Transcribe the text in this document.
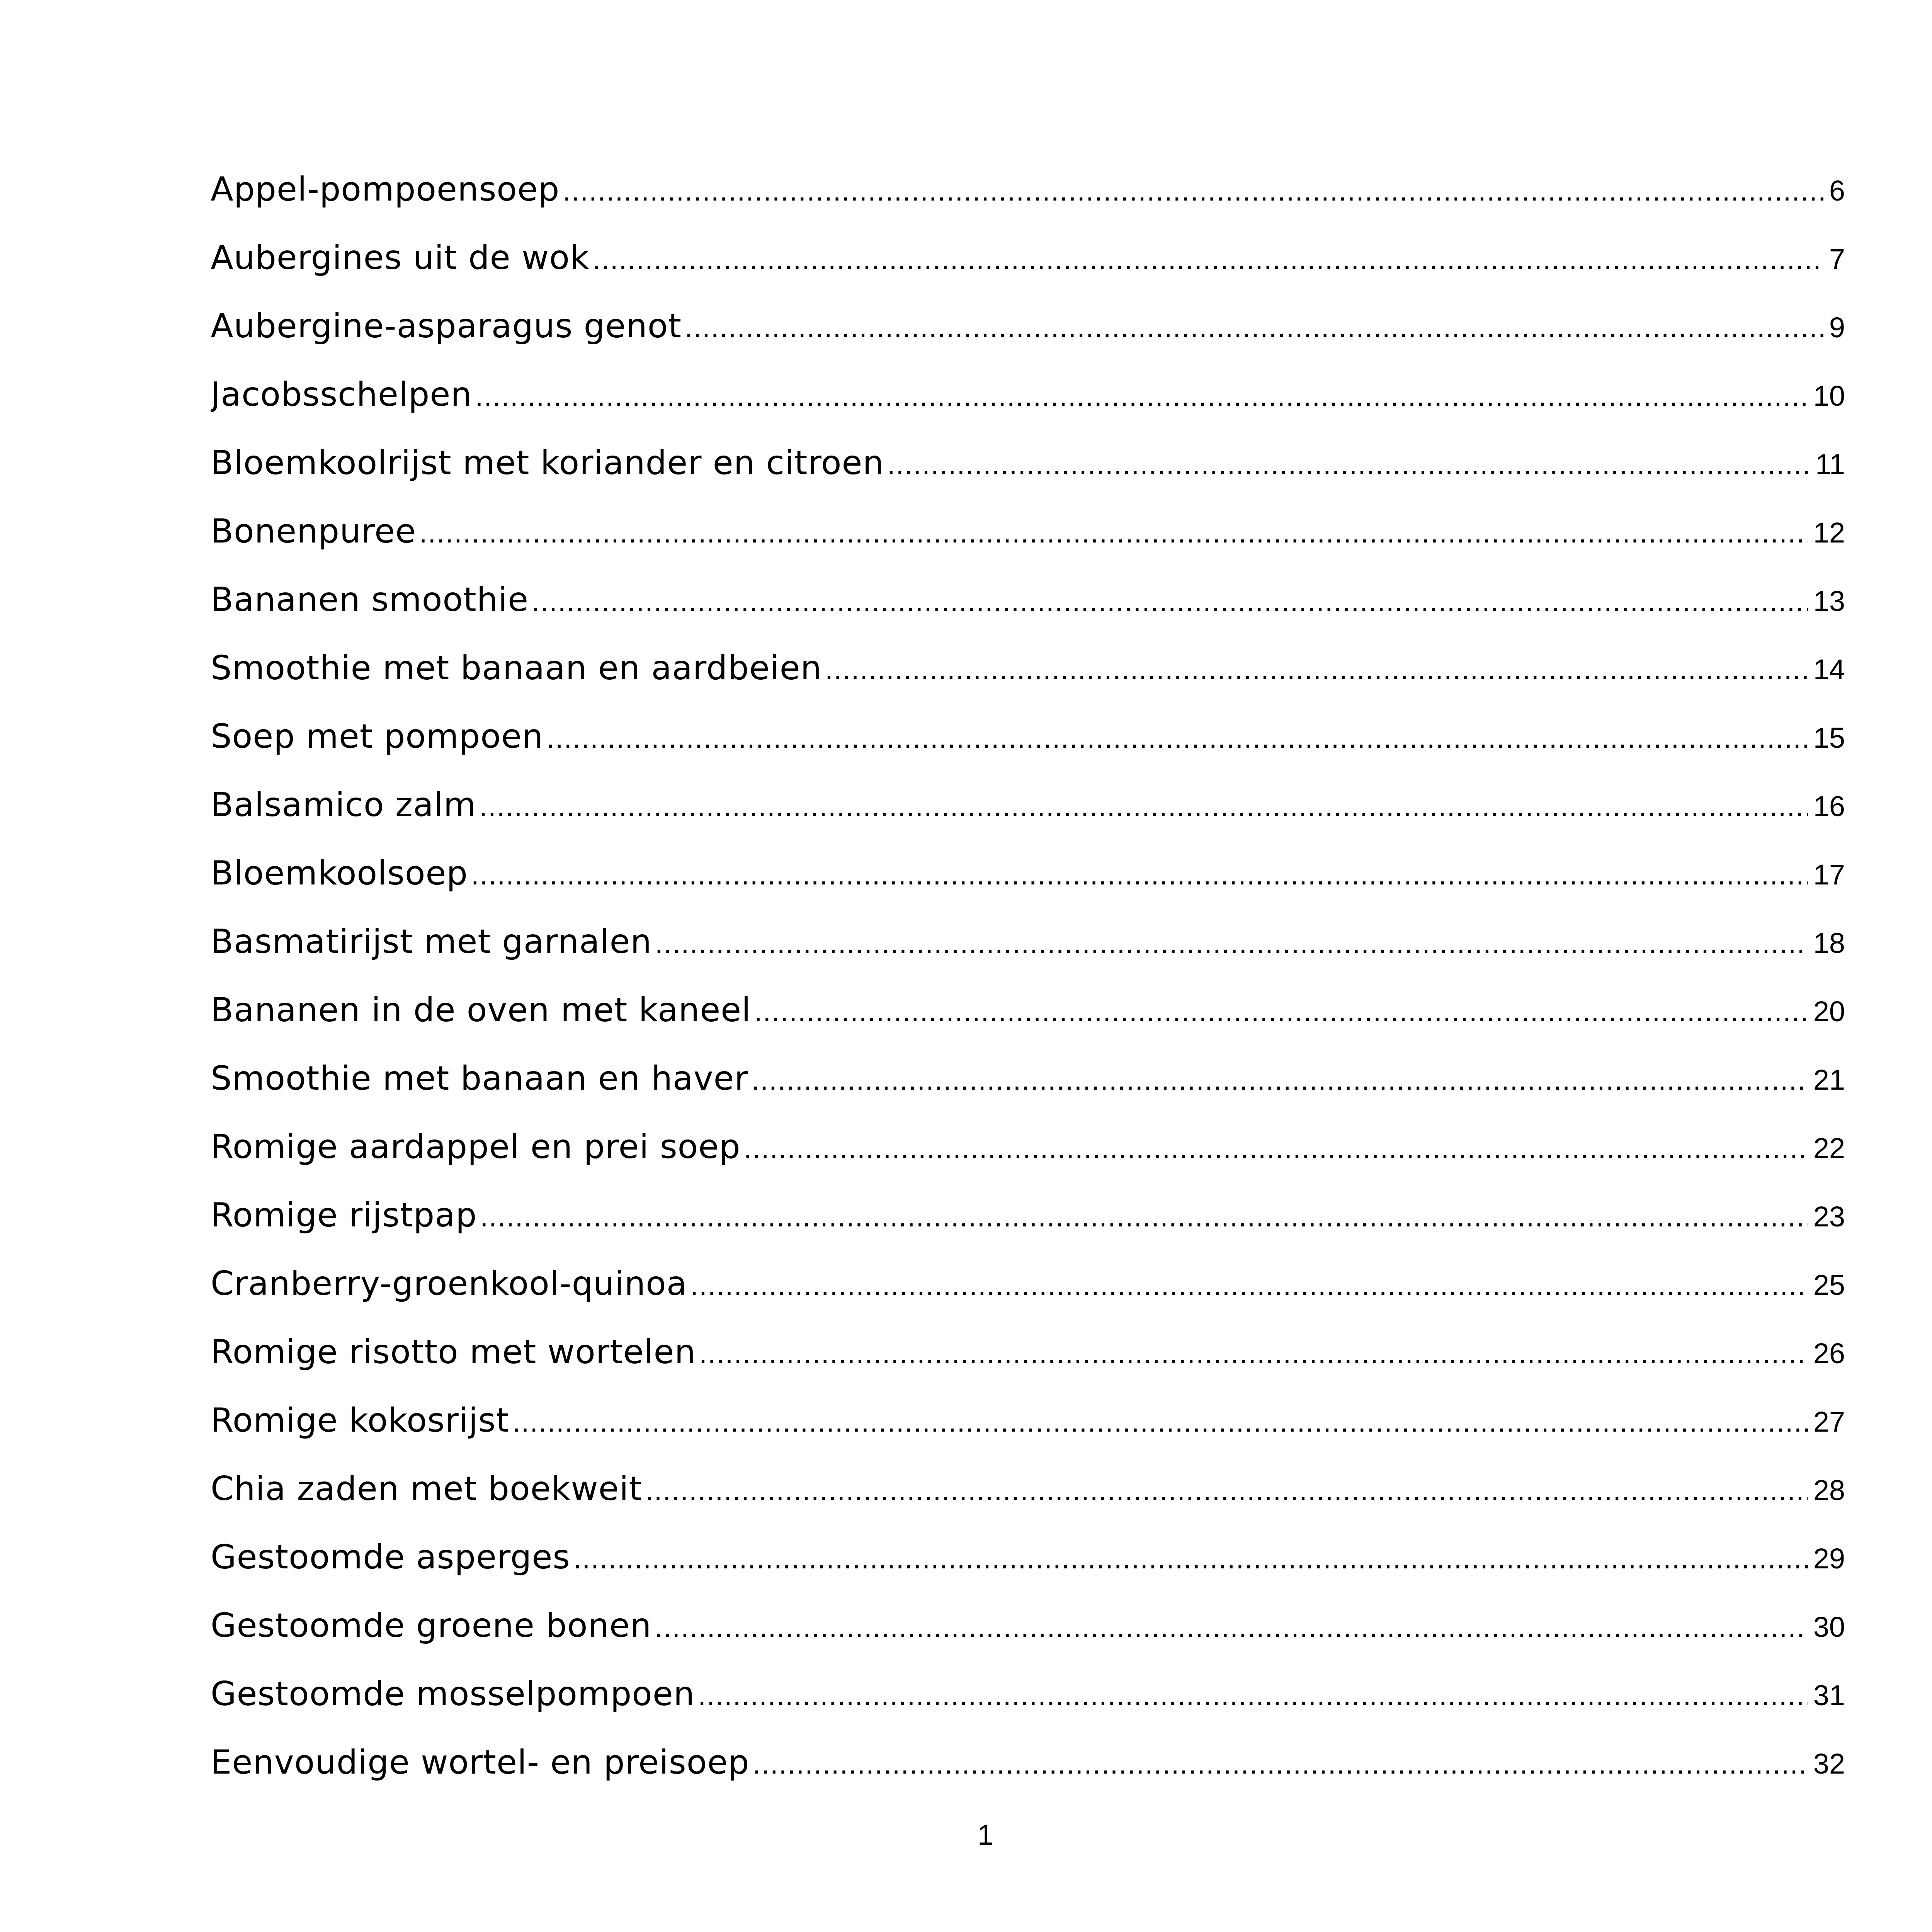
Appel-pompoensoep .....	6
Aubergines uit de wok .....	7
Aubergine-asparagus genot .....	9
Jacobsschelpen .....	10
Bloemkoolrijst met koriander en citroen .....	11
Bonenpuree .....	12
Bananen smoothie .....	13
Smoothie met banaan en aardbeien .....	14
Soep met pompoen .....	15
Balsamico zalm .....	16
Bloemkoolsoep .....	17
Basmatirijst met garnalen .....	18
Bananen in de oven met kaneel .....	20
Smoothie met banaan en haver .....	21
Romige aardappel en prei soep .....	22
Romige rijstpap .....	23
Cranberry-groenkool-quinoa .....	25
Romige risotto met wortelen .....	26
Romige kokosrijst .....	27
Chia zaden met boekweit .....	28
Gestoomde asperges .....	29
Gestoomde groene bonen .....	30
Gestoomde mosselpompoen .....	31
Eenvoudige wortel- en preisoep .....	32
1
